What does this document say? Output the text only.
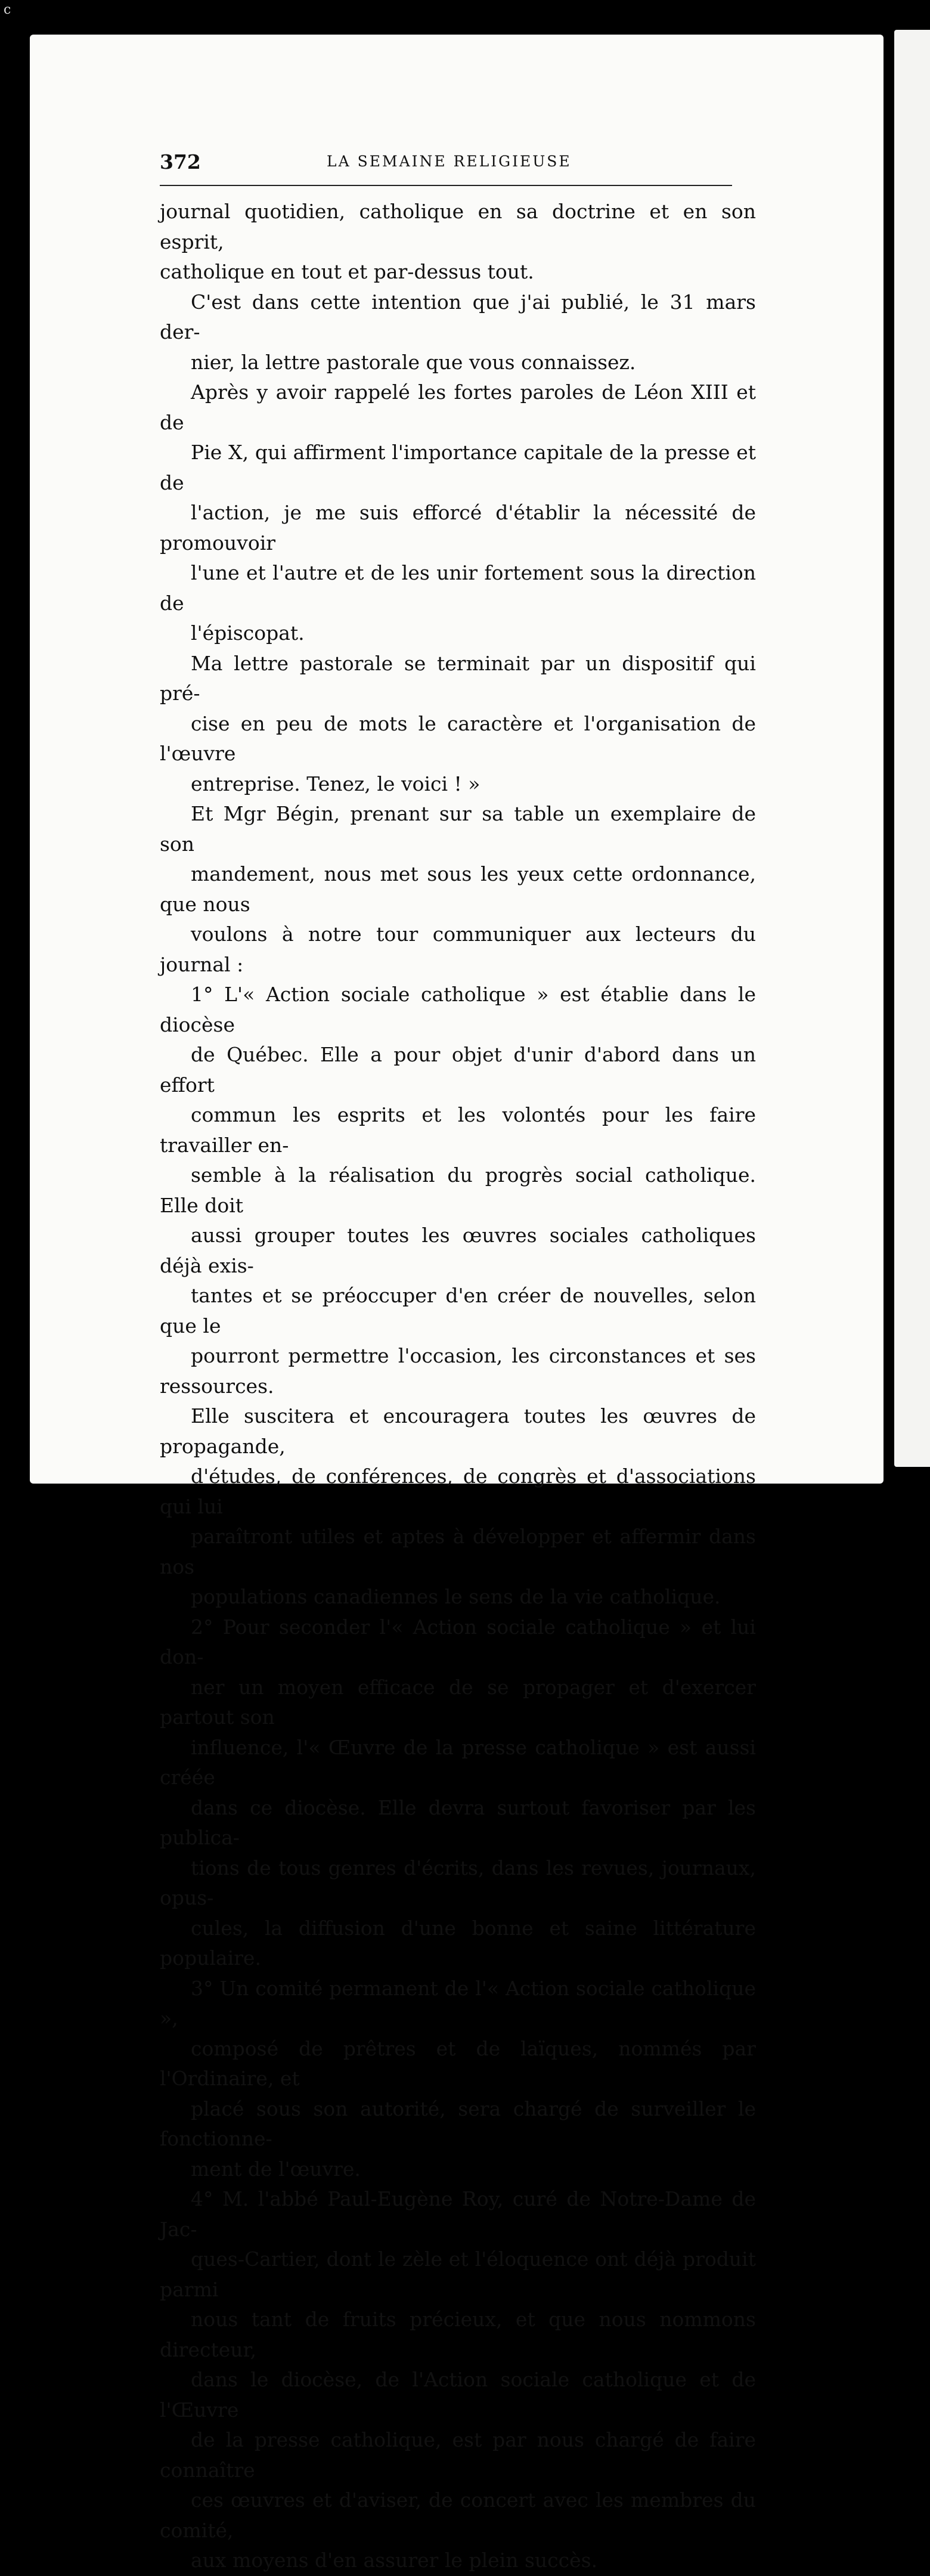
c
372	LA SEMAINE RELIGIEUSE

journal quotidien, catholique en sa doctrine et en son esprit,
catholique en tout et par-dessus tout.

C'est dans cette intention que j'ai publié, le 31 mars der-
nier, la lettre pastorale que vous connaissez.

Après y avoir rappelé les fortes paroles de Léon XIII et de
Pie X, qui affirment l'importance capitale de la presse et de
l'action, je me suis efforcé d'établir la nécessité de promouvoir
l'une et l'autre et de les unir fortement sous la direction de
l'épiscopat.

Ma lettre pastorale se terminait par un dispositif qui pré-
cise en peu de mots le caractère et l'organisation de l'œuvre
entreprise. Tenez, le voici ! »

Et Mgr Bégin, prenant sur sa table un exemplaire de son
mandement, nous met sous les yeux cette ordonnance, que nous
voulons à notre tour communiquer aux lecteurs du journal :

1° L'« Action sociale catholique » est établie dans le diocèse
de Québec. Elle a pour objet d'unir d'abord dans un effort
commun les esprits et les volontés pour les faire travailler en-
semble à la réalisation du progrès social catholique. Elle doit
aussi grouper toutes les œuvres sociales catholiques déjà exis-
tantes et se préoccuper d'en créer de nouvelles, selon que le
pourront permettre l'occasion, les circonstances et ses ressources.
Elle suscitera et encouragera toutes les œuvres de propagande,
d'études, de conférences, de congrès et d'associations qui lui
paraîtront utiles et aptes à développer et affermir dans nos
populations canadiennes le sens de la vie catholique.

2° Pour seconder l'« Action sociale catholique » et lui don-
ner un moyen efficace de se propager et d'exercer partout son
influence, l'« Œuvre de la presse catholique » est aussi créée
dans ce diocèse. Elle devra surtout favoriser par les publica-
tions de tous genres d'écrits, dans les revues, journaux, opus-
cules, la diffusion d'une bonne et saine littérature populaire.

3° Un comité permanent de l'« Action sociale catholique »,
composé de prêtres et de laïques, nommés par l'Ordinaire, et
placé sous son autorité, sera chargé de surveiller le fonctionne-
ment de l'œuvre.

4° M. l'abbé Paul-Eugène Roy, curé de Notre-Dame de Jac-
ques-Cartier, dont le zèle et l'éloquence ont déjà produit parmi
nous tant de fruits précieux, et que nous nommons directeur,
dans le diocèse, de l'Action sociale catholique et de l'Œuvre
de la presse catholique, est par nous chargé de faire connaître
ces œuvres et d'aviser, de concert avec les membres du comité,
aux moyens d'en assurer le plein succès.
